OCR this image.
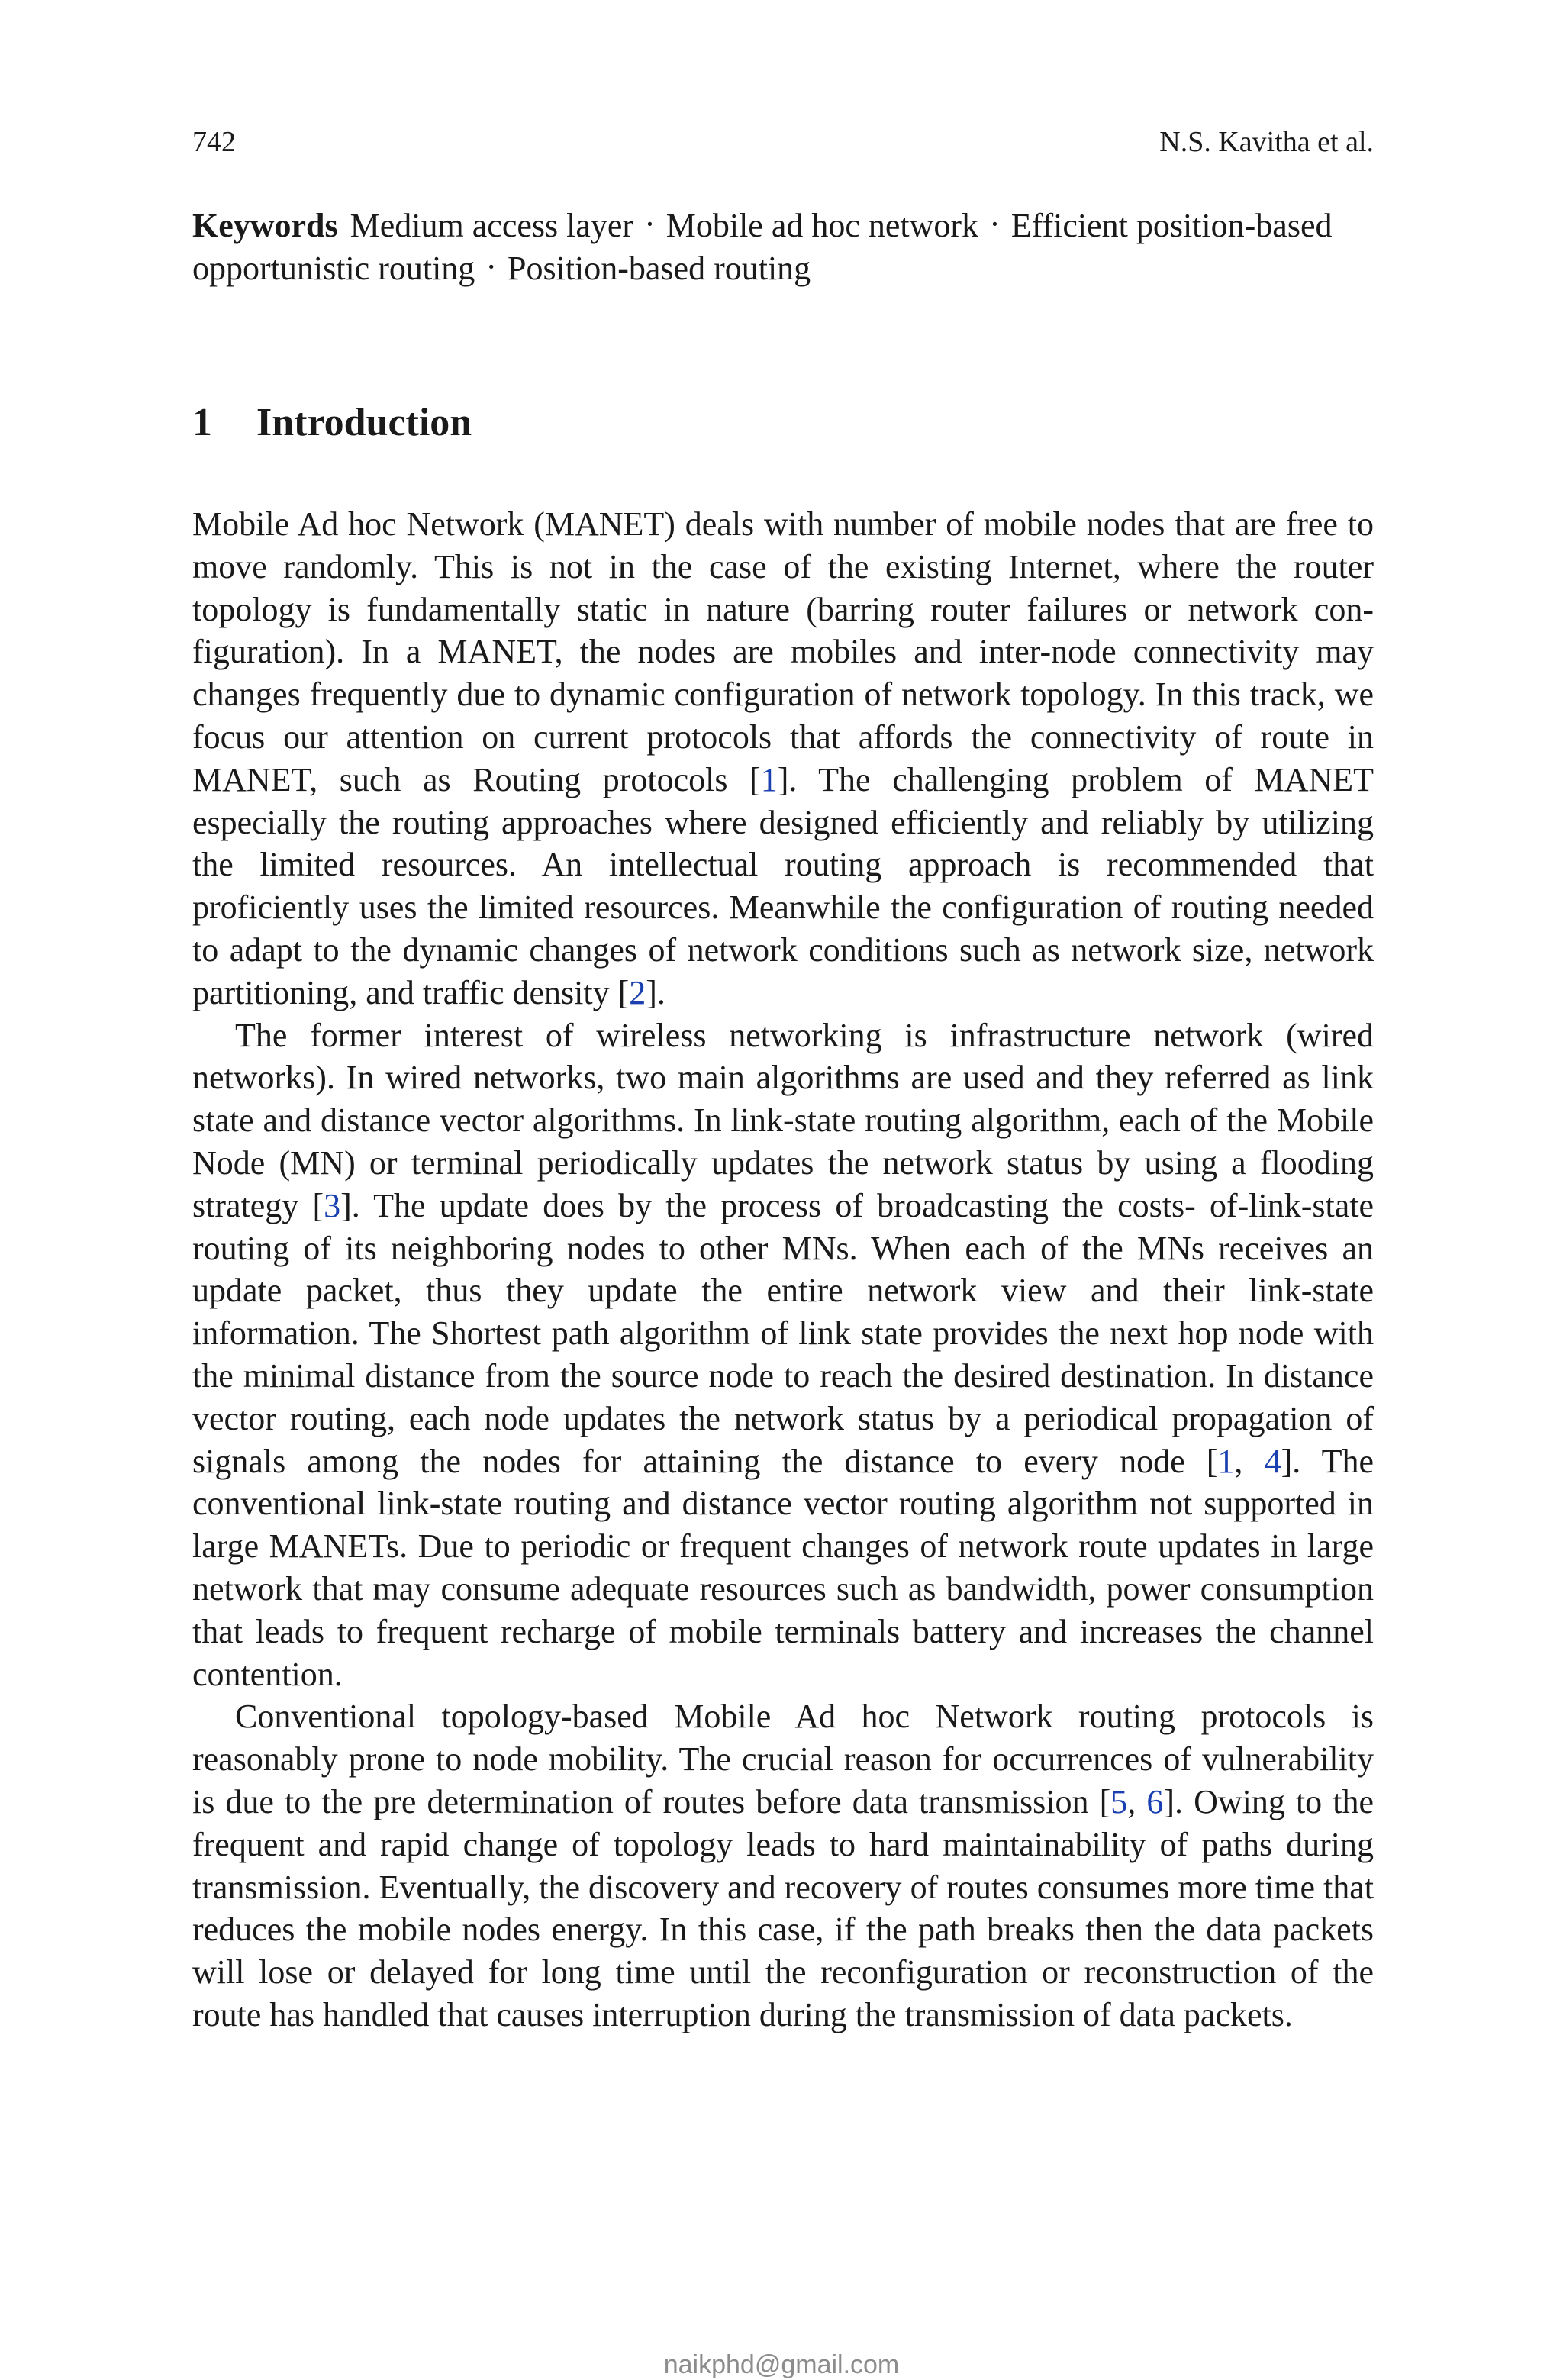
742	N.S. Kavitha et al.
Keywords Medium access layer · Mobile ad hoc network · Efficient position-based opportunistic routing · Position-based routing
1 Introduction

Mobile Ad hoc Network (MANET) deals with number of mobile nodes that are free to move randomly. This is not in the case of the existing Internet, where the router topology is fundamentally static in nature (barring router failures or network configuration). In a MANET, the nodes are mobiles and inter-node connectivity may changes frequently due to dynamic configuration of network topology. In this track, we focus our attention on current protocols that affords the connectivity of route in MANET, such as Routing protocols [1]. The challenging problem of MANET especially the routing approaches where designed efficiently and reliably by utilizing the limited resources. An intellectual routing approach is recommended that proficiently uses the limited resources. Meanwhile the configuration of routing needed to adapt to the dynamic changes of network conditions such as network size, network partitioning, and traffic density [2].

The former interest of wireless networking is infrastructure network (wired networks). In wired networks, two main algorithms are used and they referred as link state and distance vector algorithms. In link-state routing algorithm, each of the Mobile Node (MN) or terminal periodically updates the network status by using a flooding strategy [3]. The update does by the process of broadcasting the costs- of-link-state routing of its neighboring nodes to other MNs. When each of the MNs receives an update packet, thus they update the entire network view and their link-state information. The Shortest path algorithm of link state provides the next hop node with the minimal distance from the source node to reach the desired destination. In distance vector routing, each node updates the network status by a periodical propagation of signals among the nodes for attaining the distance to every node [1, 4]. The conventional link-state routing and distance vector routing algorithm not supported in large MANETs. Due to periodic or frequent changes of network route updates in large network that may consume adequate resources such as bandwidth, power consumption that leads to frequent recharge of mobile terminals battery and increases the channel contention.

Conventional topology-based Mobile Ad hoc Network routing protocols is reasonably prone to node mobility. The crucial reason for occurrences of vulnerability is due to the pre determination of routes before data transmission [5, 6]. Owing to the frequent and rapid change of topology leads to hard maintainability of paths during transmission. Eventually, the discovery and recovery of routes consumes more time that reduces the mobile nodes energy. In this case, if the path breaks then the data packets will lose or delayed for long time until the reconfiguration or reconstruction of the route has handled that causes interruption during the transmission of data packets.

naikphd@gmail.com
